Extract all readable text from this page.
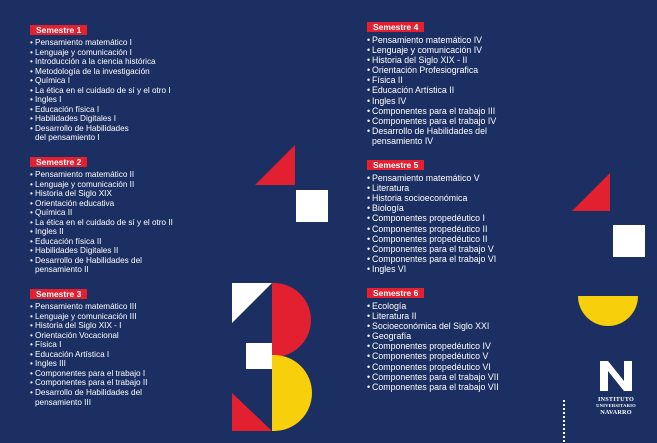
Semestre 1
• Pensamiento matemático I
• Lenguaje y comunicación I
• Introducción a la ciencia histórica
• Metodología de la investigación
• Química I
• La ética en el cuidado de sí y el otro I
• Ingles I
• Educación física I
• Habilidades Digitales I
• Desarrollo de Habilidades
del pensamiento I
Semestre 2
• Pensamiento matemático II
• Lenguaje y comunicación II
• Historia del Siglo XIX
• Orientación educativa
• Química II
• La ética en el cuidado de sí y el otro II
• Ingles II
• Educación física II
• Habilidades Digitales II
• Desarrollo de Habilidades del
pensamiento II
Semestre 3
• Pensamiento matemático III
• Lenguaje y comunicación III
• Historia del Siglo XIX - I
• Orientación Vocacional
• Física I
• Educación Artística I
• Ingles III
• Componentes para el trabajo I
• Componentes para el trabajo II
• Desarrollo de Habilidades del
pensamiento III
Semestre 4
• Pensamiento matemático IV
• Lenguaje y comunicación IV
• Historia del Siglo XIX - II
• Orientación Profesiografica
• Física II
• Educación Artística II
• Ingles IV
• Componentes para el trabajo III
• Componentes para el trabajo IV
• Desarrollo de Habilidades del
pensamiento IV
Semestre 5
• Pensamiento matemático V
• Literatura
• Historia socioeconómica
• Biología
• Componentes propedéutico I
• Componentes propedéutico II
• Componentes propedéutico II
• Componentes para el trabajo V
• Componentes para el trabajo VI
• Ingles VI
Semestre 6
• Ecología
• Literatura II
• Socioeconómica del Siglo XXI
• Geografía
• Componentes propedéutico IV
• Componentes propedéutico V
• Componentes propedéutico VI
• Componentes para el trabajo VII
• Componentes para el trabajo VII
INSTITUTO
UNIVERSITARIO
NAVARRO
